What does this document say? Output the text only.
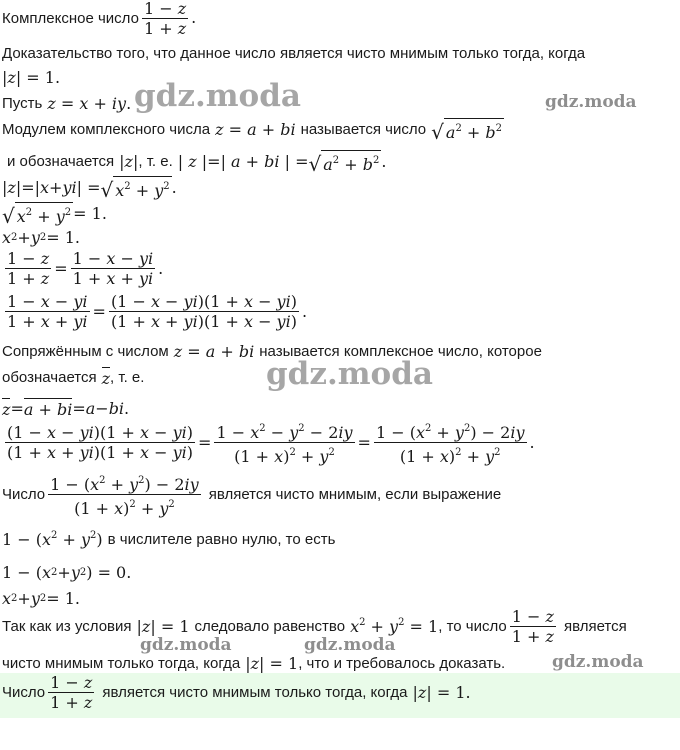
gdz.moda	gdz.moda
gdz.moda
gdz.moda	gdz.moda
gdz.moda
Комплексное число $\frac{1 - z}{1 + z}$ .
Доказательство того, что данное число является чисто мнимым только тогда, когда
| z | = 1.
Пусть z = x + iy.
Модулем комплексного числа z = a + bi называется число √ $a^2 + b^2$
и обозначается |z| , т. е. | z |=| a + bi | = √ $a^2 + b^2$ .
| z |=| x + yi | = √ $x^2 + y^2$ .
√ $x^2 + y^2 = 1$.
x 2 + y 2 = 1.
$\frac{1 - z}{1 + z} = \frac{1 - x - yi}{1 + x + yi}$ .
$\frac{1 - x - yi}{1 + x + yi} = \frac{(1 - x - yi)(1 + x - yi)}{(1 + x + yi)(1 + x - yi)}$ .
Сопряжённым с числом z = a + bi называется комплексное число, которое
обозначается z , т. е.
z = a + bi = a − bi .
$\frac{(1 - x - yi)(1 + x - yi)}{(1 + x + yi)(1 + x - yi)} = \frac{1 - x^2 - y^2 - 2iy}{(1 + x)^2 + y^2} = \frac{1 - (x^2 + y^2) - 2iy}{(1 + x)^2 + y^2}$ .
Число $\frac{1 - (x^2 + y^2) - 2iy}{(1 + x)^2 + y^2}$ является чисто мнимым, если выражение
$1 - (x^2 + y^2)$ в числителе равно нулю, то есть
1 − ( x 2 + y 2 ) = 0.
x 2 + y 2 = 1.
Так как из условия |z| = 1 следовало равенство $x^2 + y^2 = 1$ , то число $\frac{1 - z}{1 + z}$ является
чисто мнимым только тогда, когда |z| = 1 , что и требовалось доказать.
Число $\frac{1 - z}{1 + z}$ является чисто мнимым только тогда, когда |z| = 1.
